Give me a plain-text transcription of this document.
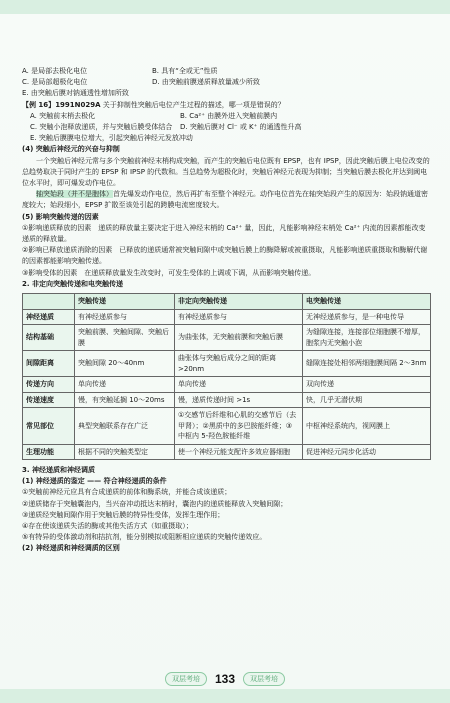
A. 是局部去极化电位	B. 具有“全或无”性质
C. 是局部超极化电位	D. 由突触前膜递质释放量减少所致
E. 由突触后膜对钠通透性增加所致
【例 16】1991N029A 关于抑制性突触后电位产生过程的描述，哪一项是错误的？
A. 突触前末梢去极化	B. Ca²⁺ 由膜外进入突触前膜内
C. 突触小泡释放递质，并与突触后膜受体结合	D. 突触后膜对 Cl⁻ 或 K⁺ 的通透性升高
E. 突触后膜膜电位增大，引起突触后神经元发放冲动
(4) 突触后神经元的兴奋与抑制
一个突触后神经元常与多个突触前神经末梢构成突触，而产生的突触后电位既有 EPSP，也有 IPSP，因此突触后膜上电位改变的总趋势取决于同时产生的 EPSP 和 IPSP 的代数和。当总趋势为超极化时，突触后神经元表现为抑制；当突触后膜去极化并达到阈电位水平时，即可爆发动作电位。
轴突始段（并不是胞体）首先爆发动作电位，然后再扩布至整个神经元。动作电位首先在轴突始段产生的原因为：始段钠通道密度较大；始段细小，EPSP 扩散至该处引起的跨膜电流密度较大。
(5) 影响突触传递的因素
①影响递质释放的因素　递质的释放量主要决定于进入神经末梢的 Ca²⁺ 量，因此，凡能影响神经末梢处 Ca²⁺ 内流的因素都能改变递质的释放量。
②影响已释放递质消除的因素　已释放的递质通常被突触间隙中或突触后膜上的酶降解或被重摄取，凡能影响递质重摄取和酶解代谢的因素都能影响突触传递。
③影响受体的因素　在递质释放量发生改变时，可发生受体的上调或下调，从而影响突触传递。
2. 非定向突触传递和电突触传递
	突触传递	非定向突触传递	电突触传递
神经递质	有神经递质参与	有神经递质参与	无神经递质参与，是一种电传导
结构基础	突触前膜、突触间隙、突触后膜	为曲张体，无突触前膜和突触后膜	为缝隙连接，连接部位细胞膜不增厚，胞浆内无突触小泡
间隙距离	突触间隙 20～40nm	曲张体与突触后成分之间的距离 >20nm	缝隙连接处相邻两细胞膜间隔 2～3nm
传递方向	单向传递	单向传递	双向传递
传递速度	慢，有突触延搁 10～20ms	慢，递质传递时间 >1s	快，几乎无潜伏期
常见部位	典型突触联系存在广泛	①交感节后纤维和心肌的交感节后（去甲肾）；②黑质中的多巴胺能纤维；③中枢内 5-羟色胺能纤维	中枢神经系统内，视网膜上
生理功能	根据不同的突触类型定	使一个神经元能支配许多效应器细胞	促进神经元同步化活动
3. 神经递质和神经调质
(1) 神经递质的鉴定 —— 符合神经递质的条件
①突触前神经元应具有合成递质的前体和酶系统，并能合成该递质；
②递质储存于突触囊泡内，当兴奋冲动抵达末梢时，囊泡内的递质能释放入突触间隙；
③递质经突触间隙作用于突触后膜的特异性受体，发挥生理作用；
④存在使该递质失活的酶或其他失活方式（如重摄取）；
⑤有特异的受体激动剂和拮抗剂，能分别模拟或阻断相应递质的突触传递效应。
(2) 神经递质和神经调质的区别
双层考培	133	双层考培
